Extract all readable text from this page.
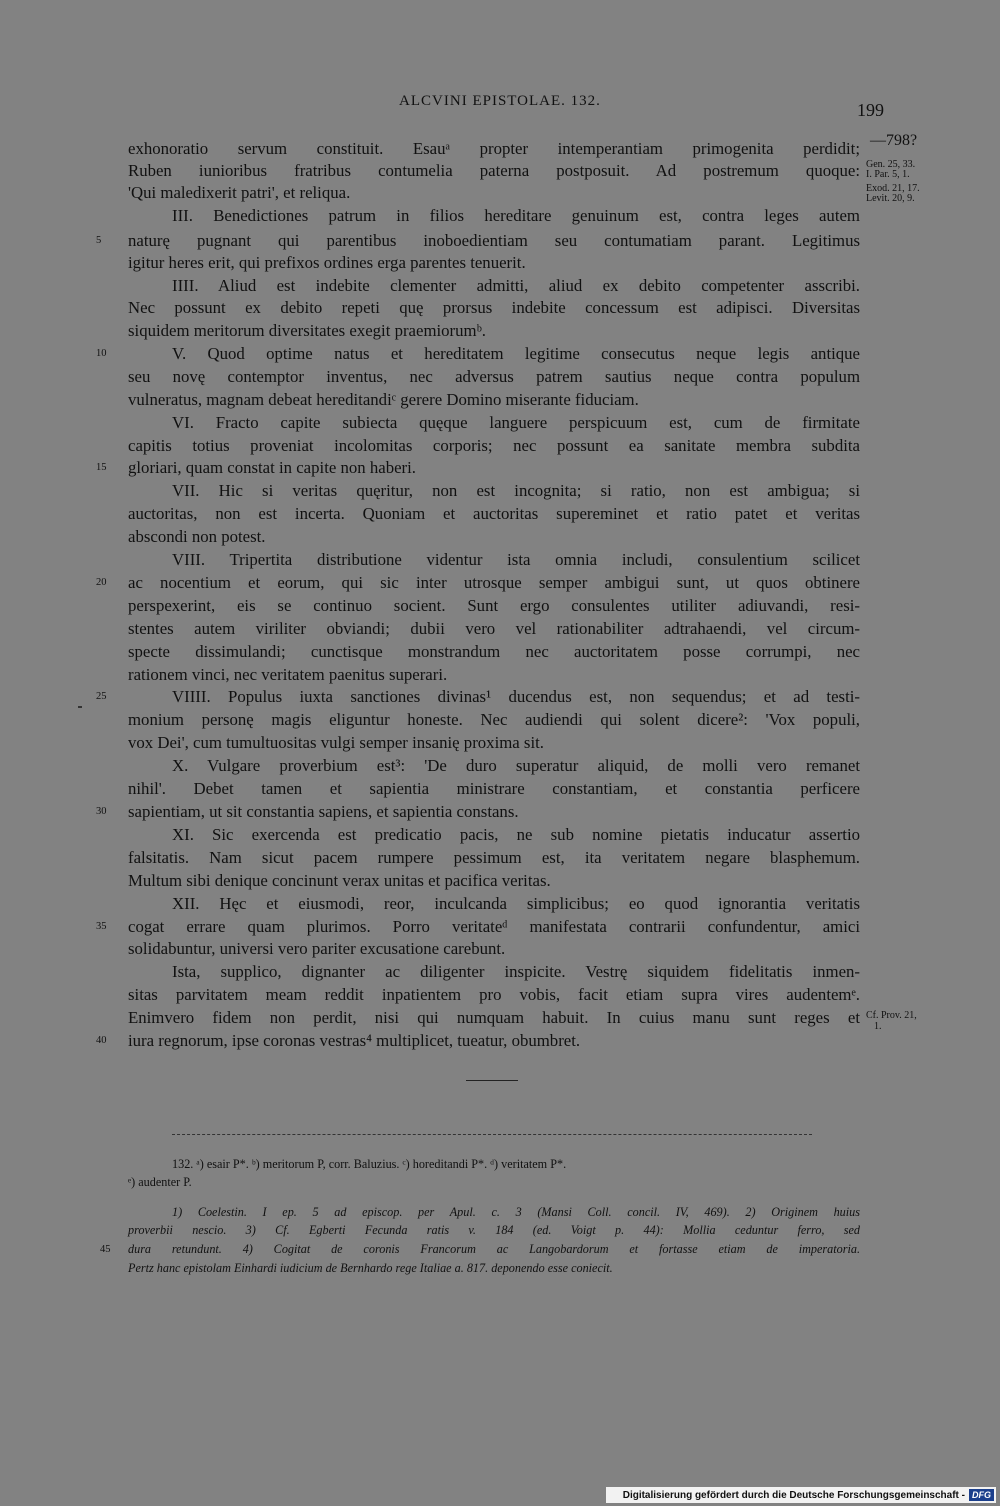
ALCVINI EPISTOLAE. 132.	199
—798?
Gen. 25, 33.
I. Par. 5, 1.
Exod. 21, 17.
Levit. 20, 9.
Cf. Prov. 21,
1.
exhonoratio servum constituit. Esauᵃ propter intemperantiam primogenita perdidit;
Ruben iunioribus fratribus contumelia paterna postposuit. Ad postremum quoque:
'Qui maledixerit patri', et reliqua.
III. Benedictiones patrum in filios hereditare genuinum est, contra leges autem
naturę pugnant qui parentibus inoboedientiam seu contumatiam parant. Legitimus
igitur heres erit, qui prefixos ordines erga parentes tenuerit.
IIII. Aliud est indebite clementer admitti, aliud ex debito competenter asscribi.
Nec possunt ex debito repeti quę prorsus indebite concessum est adipisci. Diversitas
siquidem meritorum diversitates exegit praemiorumᵇ.
V. Quod optime natus et hereditatem legitime consecutus neque legis antique
seu novę contemptor inventus, nec adversus patrem sautius neque contra populum
vulneratus, magnam debeat hereditandiᶜ gerere Domino miserante fiduciam.
VI. Fracto capite subiecta quęque languere perspicuum est, cum de firmitate
capitis totius proveniat incolomitas corporis; nec possunt ea sanitate membra subdita
gloriari, quam constat in capite non haberi.
VII. Hic si veritas quęritur, non est incognita; si ratio, non est ambigua; si
auctoritas, non est incerta. Quoniam et auctoritas supereminet et ratio patet et veritas
abscondi non potest.
VIII. Tripertita distributione videntur ista omnia includi, consulentium scilicet
ac nocentium et eorum, qui sic inter utrosque semper ambigui sunt, ut quos obtinere
perspexerint, eis se continuo socient. Sunt ergo consulentes utiliter adiuvandi, resi-
stentes autem viriliter obviandi; dubii vero vel rationabiliter adtrahaendi, vel circum-
specte dissimulandi; cunctisque monstrandum nec auctoritatem posse corrumpi, nec
rationem vinci, nec veritatem paenitus superari.
VIIII. Populus iuxta sanctiones divinas¹ ducendus est, non sequendus; et ad testi-
monium personę magis eliguntur honeste. Nec audiendi qui solent dicere²: 'Vox populi,
vox Dei', cum tumultuositas vulgi semper insanię proxima sit.
X. Vulgare proverbium est³: 'De duro superatur aliquid, de molli vero remanet
nihil'. Debet tamen et sapientia ministrare constantiam, et constantia perficere
sapientiam, ut sit constantia sapiens, et sapientia constans.
XI. Sic exercenda est predicatio pacis, ne sub nomine pietatis inducatur assertio
falsitatis. Nam sicut pacem rumpere pessimum est, ita veritatem negare blasphemum.
Multum sibi denique concinunt verax unitas et pacifica veritas.
XII. Hęc et eiusmodi, reor, inculcanda simplicibus; eo quod ignorantia veritatis
cogat errare quam plurimos. Porro veritateᵈ manifestata contrarii confundentur, amici
solidabuntur, universi vero pariter excusatione carebunt.
Ista, supplico, dignanter ac diligenter inspicite. Vestrę siquidem fidelitatis inmen-
sitas parvitatem meam reddit inpatientem pro vobis, facit etiam supra vires audentemᵉ.
Enimvero fidem non perdit, nisi qui numquam habuit. In cuius manu sunt reges et
iura regnorum, ipse coronas vestras⁴ multiplicet, tueatur, obumbret.
5
10
15
20
25
30
35
40
132. ᵃ) esair P*. ᵇ) meritorum P, corr. Baluzius. ᶜ) horeditandi P*. ᵈ) veritatem P*.
ᵉ) audenter P.
1) Coelestin. I ep. 5 ad episcop. per Apul. c. 3 (Mansi Coll. concil. IV, 469). 2) Originem huius
proverbii nescio. 3) Cf. Egberti Fecunda ratis v. 184 (ed. Voigt p. 44): Mollia ceduntur ferro, sed
dura retundunt. 4) Cogitat de coronis Francorum ac Langobardorum et fortasse etiam de imperatoria.
Pertz hanc epistolam Einhardi iudicium de Bernhardo rege Italiae a. 817. deponendo esse coniecit.
45
Digitalisierung gefördert durch die Deutsche Forschungsgemeinschaft - DFG
